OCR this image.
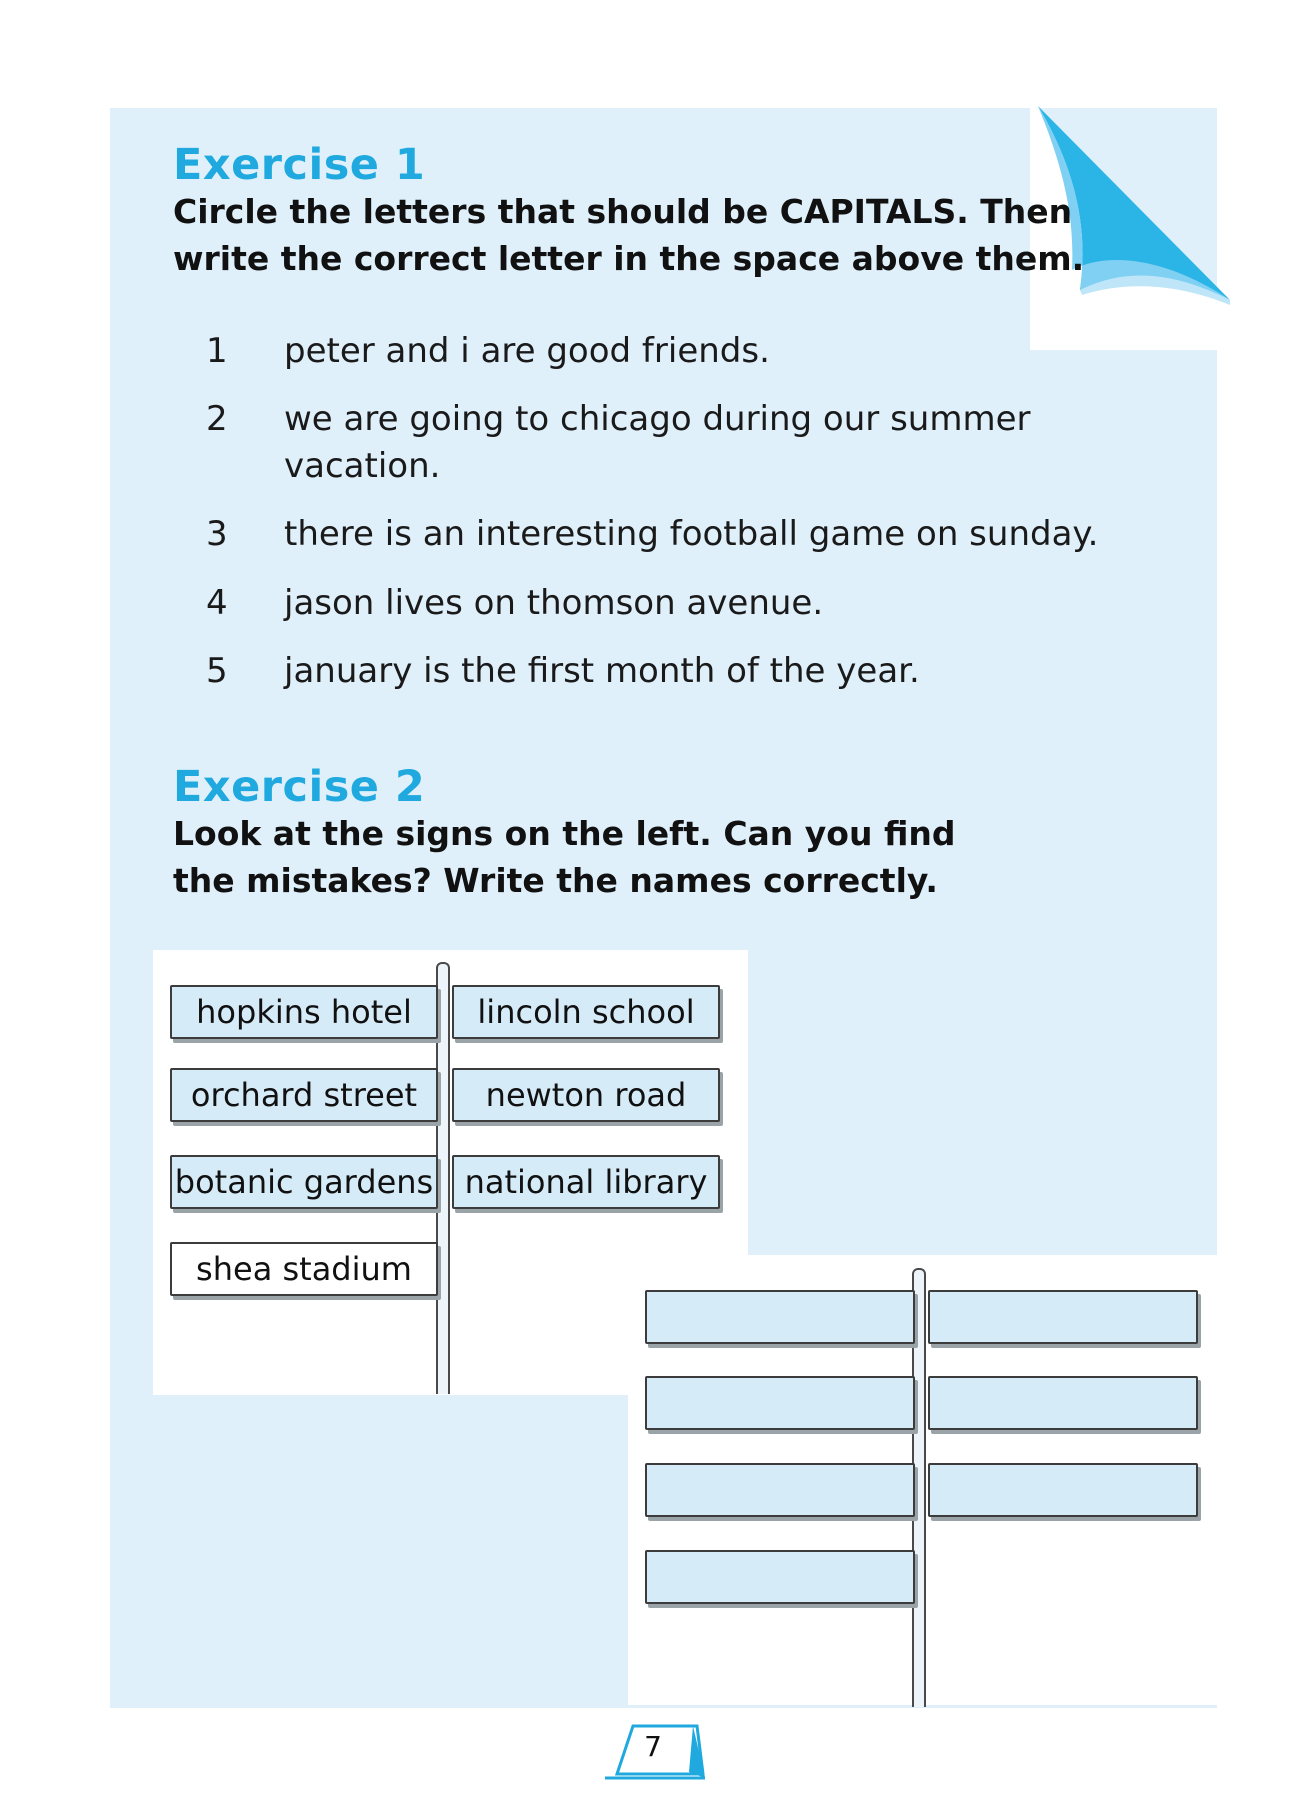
Exercise 1

Circle the letters that should be CAPITALS. Then write the correct letter in the space above them.

1	peter and i are good friends.
2	we are going to chicago during our summer vacation.
3	there is an interesting football game on sunday.
4	jason lives on thomson avenue.
5	january is the first month of the year.
Exercise 2

Look at the signs on the left. Can you find the mistakes? Write the names correctly.

hopkins hotel	lincoln school
orchard street	newton road
botanic gardens national library
shea stadium
7
